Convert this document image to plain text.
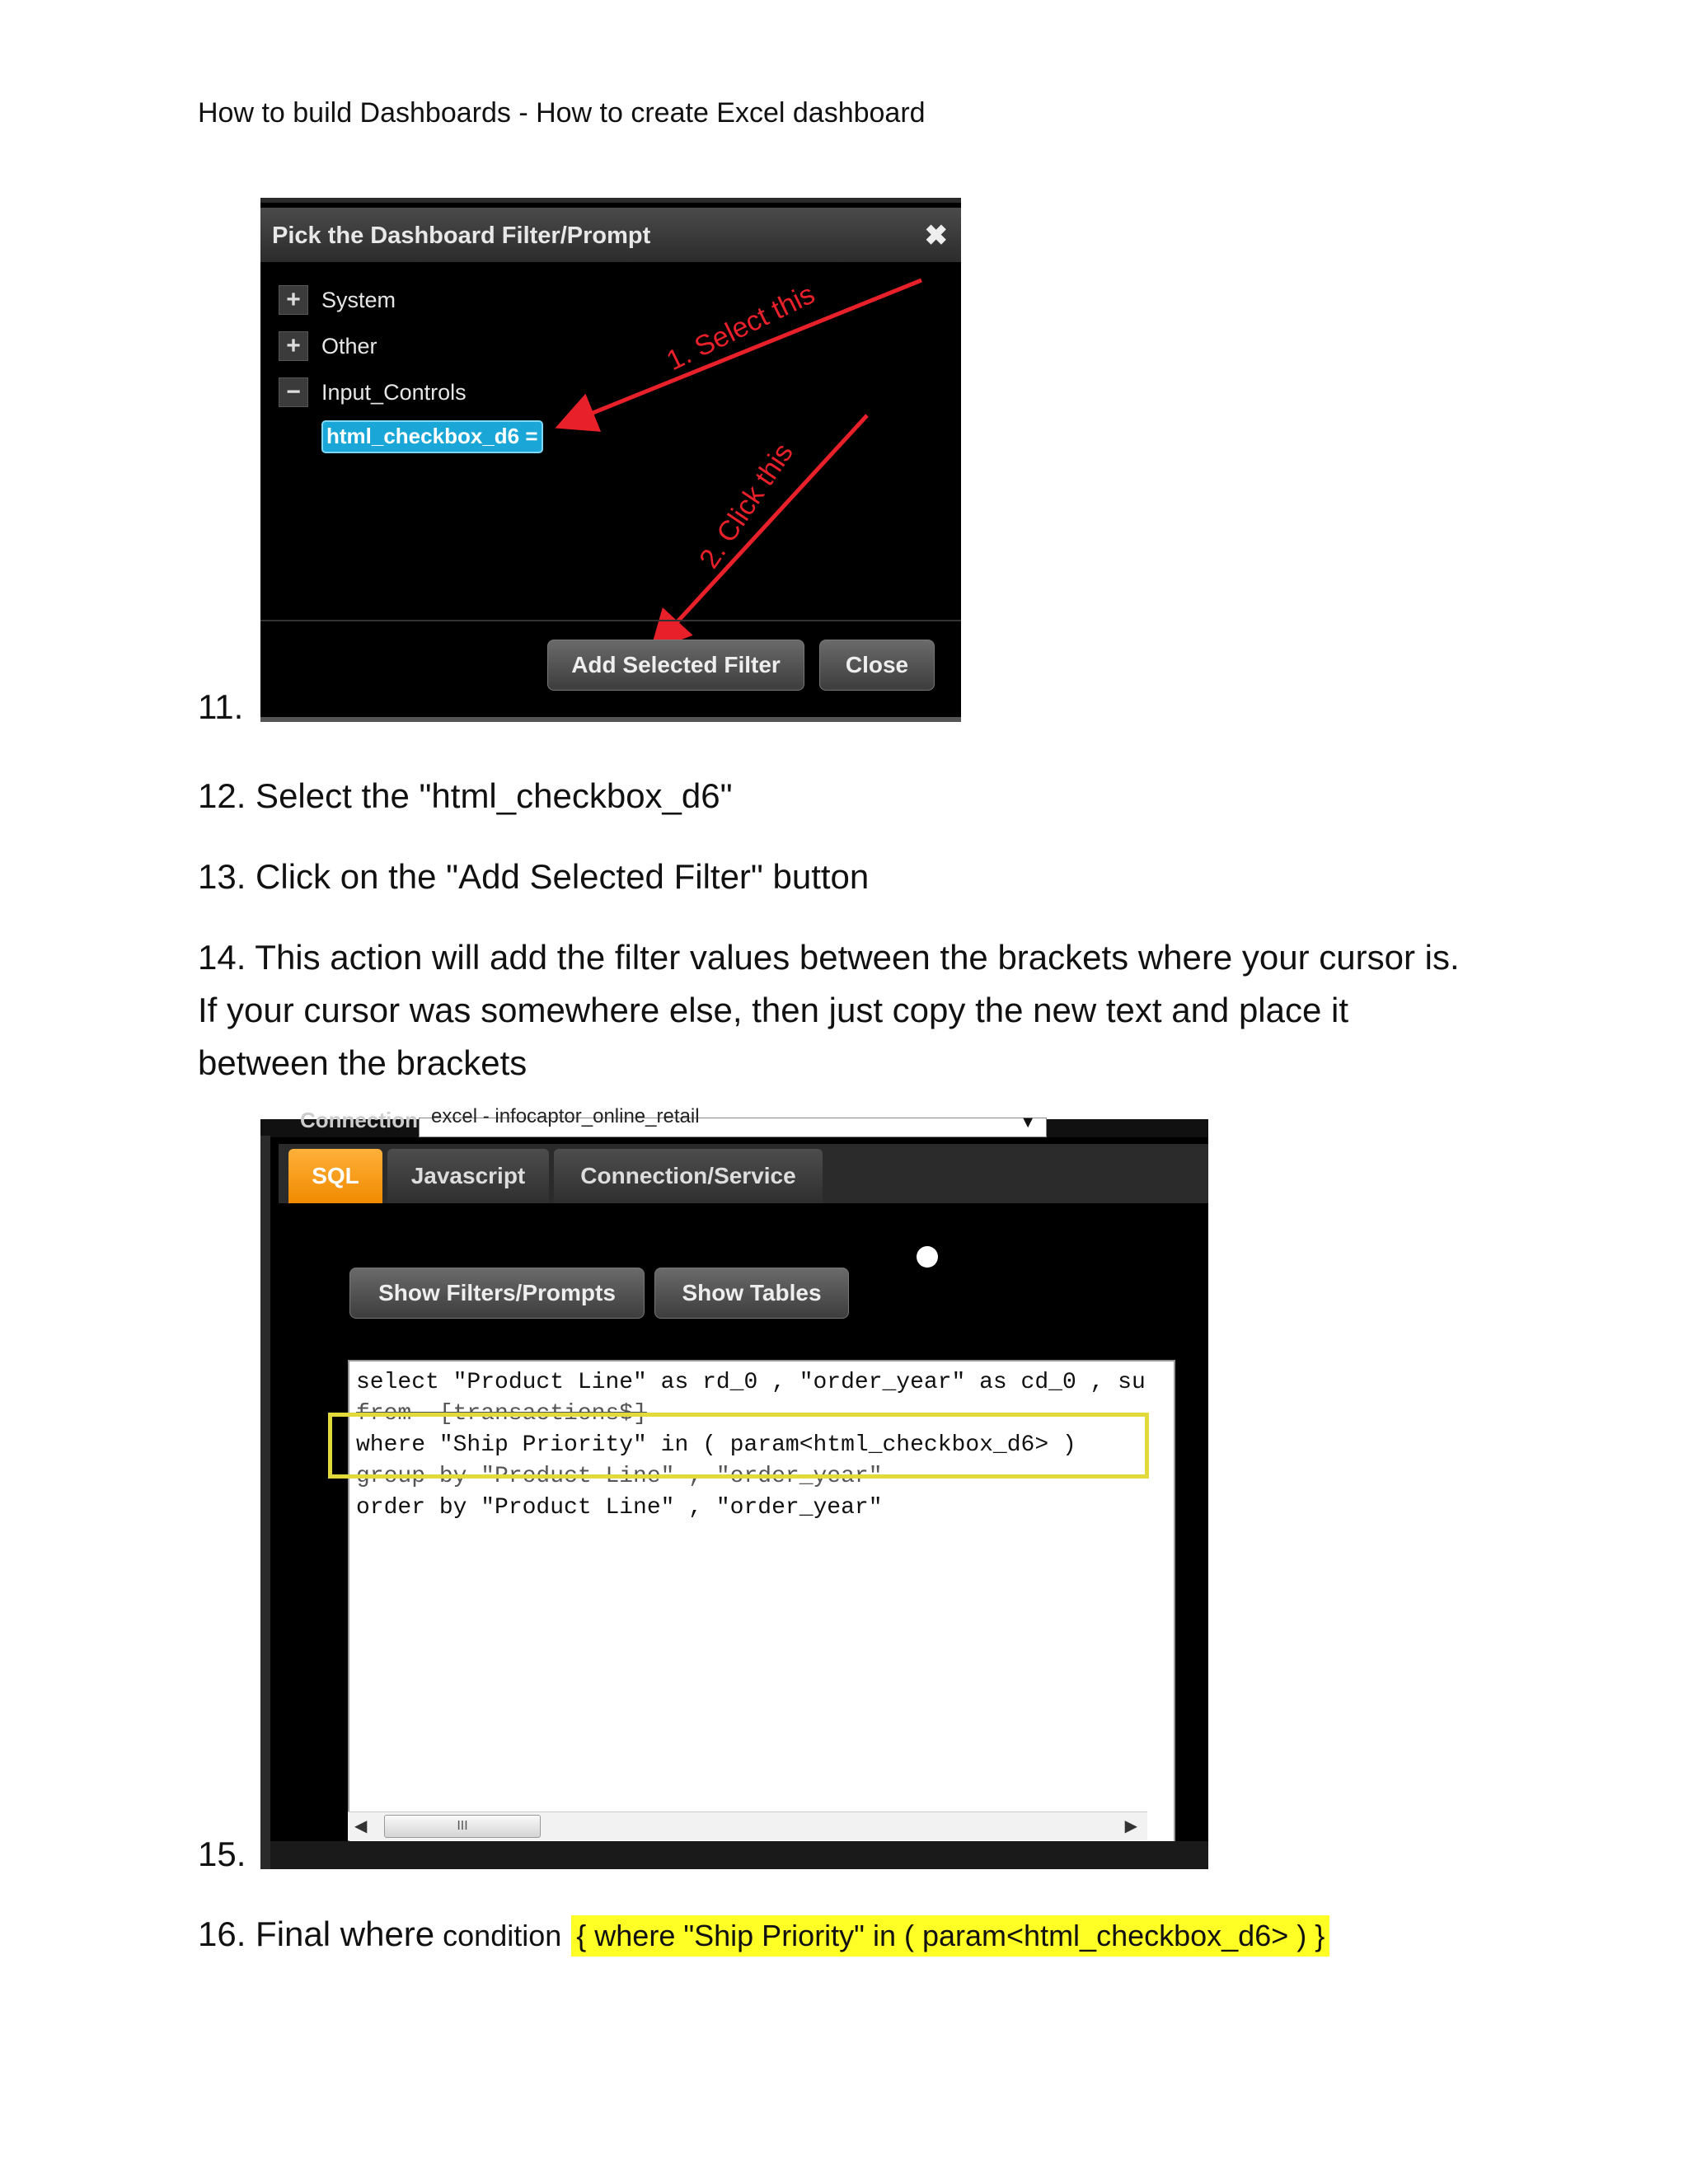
How to build Dashboards - How to create Excel dashboard
11.
Pick the Dashboard Filter/Prompt	✖
+ System
+ Other
− Input_Controls
html_checkbox_d6 =
1. Select this
2. Click this
Add Selected Filter	Close
12. Select the "html_checkbox_d6"
13. Click on the "Add Selected Filter" button
14. This action will add the filter values between the brackets where your cursor is. If your cursor was somewhere else, then just copy the new text and place it between the brackets
15.
Connection excel - infocaptor_online_retail	▼
SQL	Javascript	Connection/Service
Show Filters/Prompts	Show Tables
select "Product Line" as rd_0 , "order_year" as cd_0 , su
from  [transactions$]
where "Ship Priority" in ( param<html_checkbox_d6> )
group by "Product Line" , "order_year"
order by "Product Line" , "order_year"
◀	III	▶
16. Final where condition { where "Ship Priority" in ( param<html_checkbox_d6> ) }
